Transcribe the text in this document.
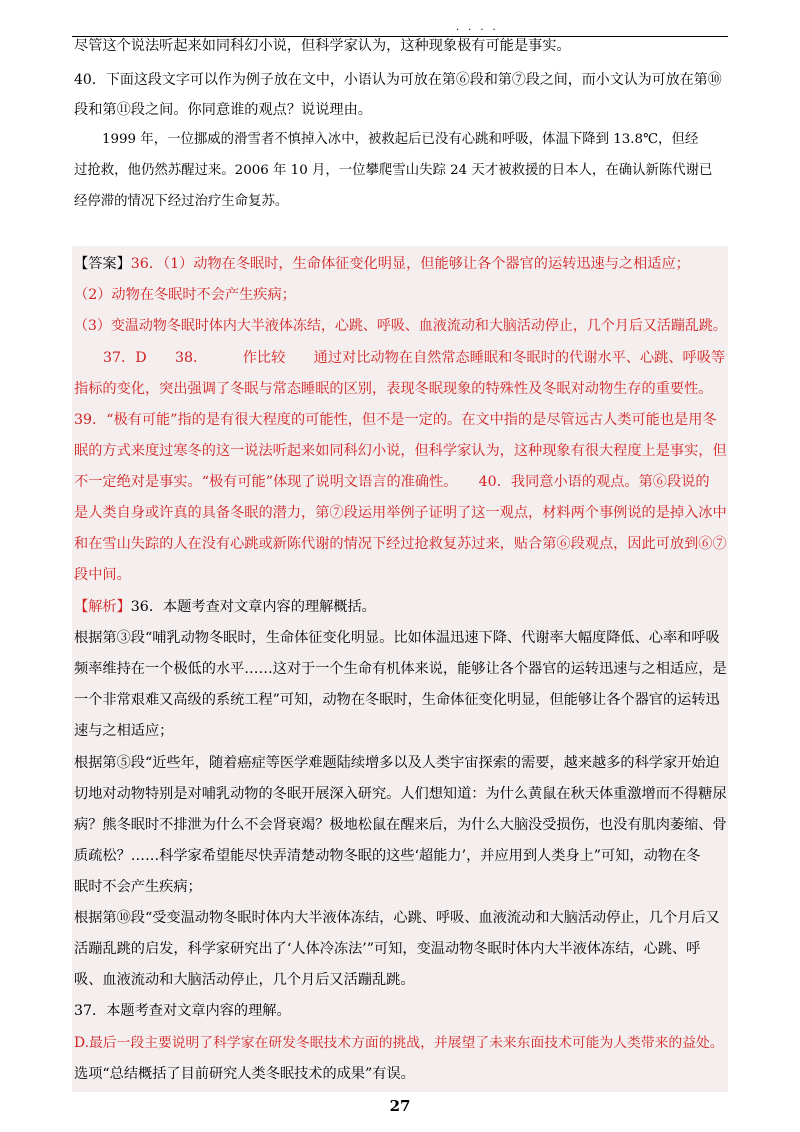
····
尽管这个说法听起来如同科幻小说，但科学家认为，这种现象极有可能是事实。
40．下面这段文字可以作为例子放在文中，小语认为可放在第⑥段和第⑦段之间，而小文认为可放在第⑩
段和第⑪段之间。你同意谁的观点？说说理由。
1999 年，一位挪威的滑雪者不慎掉入冰中，被救起后已没有心跳和呼吸，体温下降到 13.8℃，但经
过抢救，他仍然苏醒过来。2006 年 10 月，一位攀爬雪山失踪 24 天才被救援的日本人，在确认新陈代谢已
经停滞的情况下经过治疗生命复苏。
【答案】36．（1）动物在冬眠时，生命体征变化明显，但能够让各个器官的运转迅速与之相适应；
（2）动物在冬眠时不会产生疾病；
（3）变温动物冬眠时体内大半液体冻结，心跳、呼吸、血液流动和大脑活动停止，几个月后又活蹦乱跳。
37．D　　38．　　　作比较　　通过对比动物在自然常态睡眠和冬眠时的代谢水平、心跳、呼吸等
指标的变化，突出强调了冬眠与常态睡眠的区别，表现冬眠现象的特殊性及冬眠对动物生存的重要性。
39．“极有可能”指的是有很大程度的可能性，但不是一定的。在文中指的是尽管远古人类可能也是用冬
眠的方式来度过寒冬的这一说法听起来如同科幻小说，但科学家认为，这种现象有很大程度上是事实，但
不一定绝对是事实。“极有可能”体现了说明文语言的准确性。　　40．我同意小语的观点。第⑥段说的
是人类自身或许真的具备冬眠的潜力，第⑦段运用举例子证明了这一观点，材料两个事例说的是掉入冰中
和在雪山失踪的人在没有心跳或新陈代谢的情况下经过抢救复苏过来，贴合第⑥段观点，因此可放到⑥⑦
段中间。
【解析】36．本题考查对文章内容的理解概括。
根据第③段“哺乳动物冬眠时，生命体征变化明显。比如体温迅速下降、代谢率大幅度降低、心率和呼吸
频率维持在一个极低的水平……这对于一个生命有机体来说，能够让各个器官的运转迅速与之相适应，是
一个非常艰难又高级的系统工程”可知，动物在冬眠时，生命体征变化明显，但能够让各个器官的运转迅
速与之相适应；
根据第⑤段“近些年，随着癌症等医学难题陆续增多以及人类宇宙探索的需要，越来越多的科学家开始迫
切地对动物特别是对哺乳动物的冬眠开展深入研究。人们想知道：为什么黄鼠在秋天体重激增而不得糖尿
病？熊冬眠时不排泄为什么不会肾衰竭？极地松鼠在醒来后，为什么大脑没受损伤，也没有肌肉萎缩、骨
质疏松？……科学家希望能尽快弄清楚动物冬眠的这些‘超能力’，并应用到人类身上”可知，动物在冬
眠时不会产生疾病；
根据第⑩段“受变温动物冬眠时体内大半液体冻结，心跳、呼吸、血液流动和大脑活动停止，几个月后又
活蹦乱跳的启发，科学家研究出了‘人体冷冻法’”可知，变温动物冬眠时体内大半液体冻结，心跳、呼
吸、血液流动和大脑活动停止，几个月后又活蹦乱跳。
37．本题考查对文章内容的理解。
D.最后一段主要说明了科学家在研发冬眠技术方面的挑战，并展望了未来东面技术可能为人类带来的益处。
选项“总结概括了目前研究人类冬眠技术的成果”有误。
27
